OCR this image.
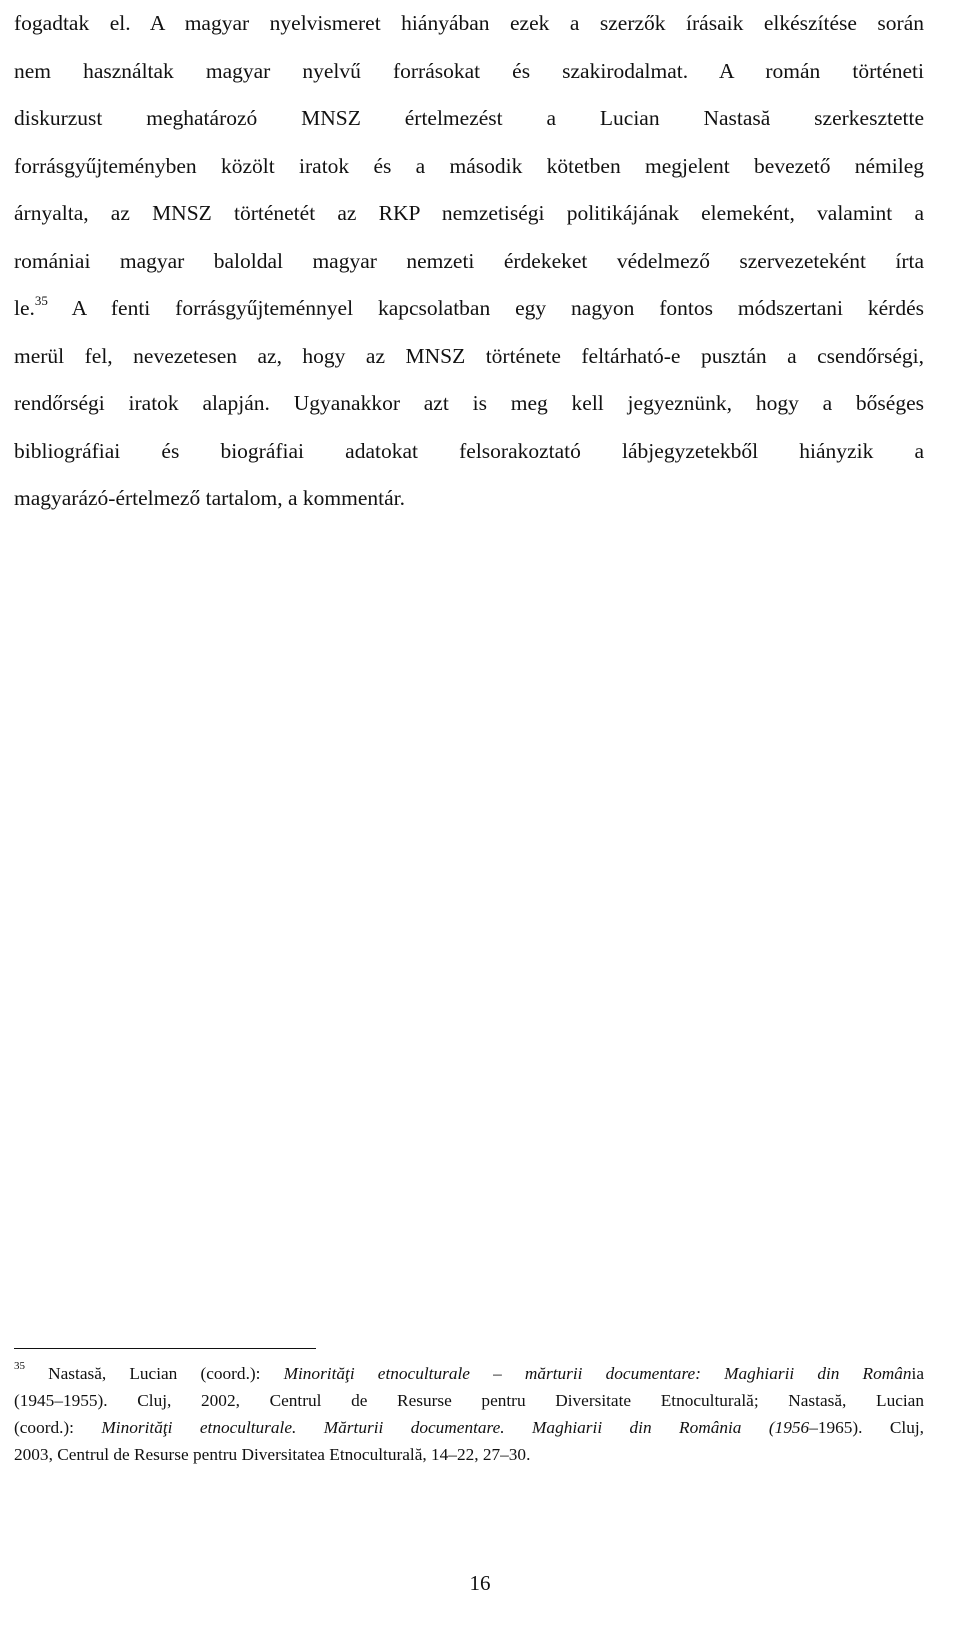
fogadtak el. A magyar nyelvismeret hiányában ezek a szerzők írásaik elkészítése során
nem használtak magyar nyelvű forrásokat és szakirodalmat. A román történeti
diskurzust meghatározó MNSZ értelmezést a Lucian Nastasă szerkesztette
forrásgyűjteményben közölt iratok és a második kötetben megjelent bevezető némileg
árnyalta, az MNSZ történetét az RKP nemzetiségi politikájának elemeként, valamint a
romániai magyar baloldal magyar nemzeti érdekeket védelmező szervezeteként írta
le.$^{35}$ A fenti forrásgyűjteménnyel kapcsolatban egy nagyon fontos módszertani kérdés
merül fel, nevezetesen az, hogy az MNSZ története feltárható-e pusztán a csendőrségi,
rendőrségi iratok alapján. Ugyanakkor azt is meg kell jegyeznünk, hogy a bőséges
bibliográfiai és biográfiai adatokat felsorakoztató lábjegyzetekből hiányzik a
magyarázó-értelmező tartalom, a kommentár.
$^{35}$ Nastasă, Lucian (coord.): Minorităţi etnoculturale – mărturii documentare: Maghiarii din România
(1945–1955). Cluj, 2002, Centrul de Resurse pentru Diversitate Etnoculturală; Nastasă, Lucian
(coord.): Minorităţi etnoculturale. Mărturii documentare. Maghiarii din România (1956–1965). Cluj,
2003, Centrul de Resurse pentru Diversitatea Etnoculturală, 14–22, 27–30.
16
